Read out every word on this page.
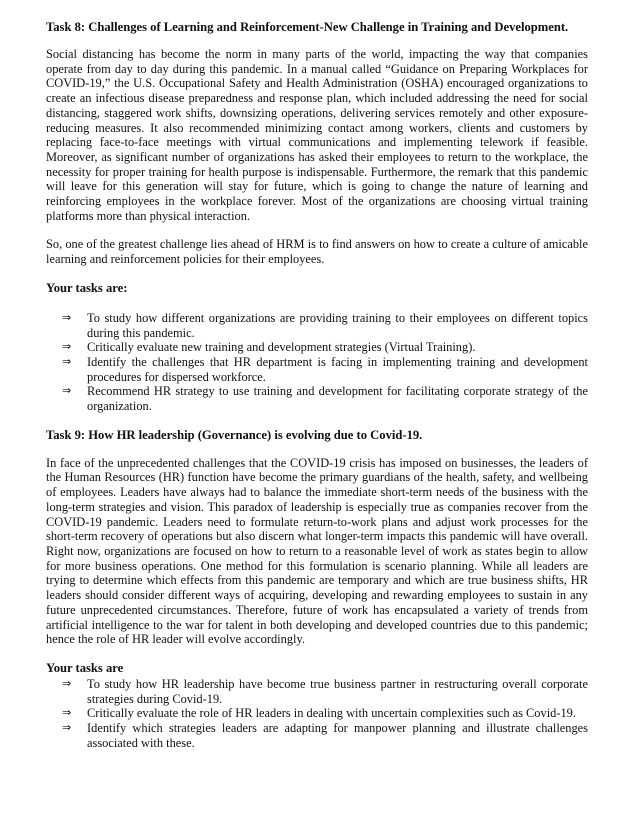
Task 8: Challenges of Learning and Reinforcement-New Challenge in Training and Development.

Social distancing has become the norm in many parts of the world, impacting the way that companies operate from day to day during this pandemic. In a manual called “Guidance on Preparing Workplaces for COVID-19,” the U.S. Occupational Safety and Health Administration (OSHA) encouraged organizations to create an infectious disease preparedness and response plan, which included addressing the need for social distancing, staggered work shifts, downsizing operations, delivering services remotely and other exposure-reducing measures. It also recommended minimizing contact among workers, clients and customers by replacing face-to-face meetings with virtual communications and implementing telework if feasible. Moreover, as significant number of organizations has asked their employees to return to the workplace, the necessity for proper training for health purpose is indispensable. Furthermore, the remark that this pandemic will leave for this generation will stay for future, which is going to change the nature of learning and reinforcing employees in the workplace forever. Most of the organizations are choosing virtual training platforms more than physical interaction.

So, one of the greatest challenge lies ahead of HRM is to find answers on how to create a culture of amicable learning and reinforcement policies for their employees.

Your tasks are:

⇒ To study how different organizations are providing training to their employees on different topics during this pandemic.
⇒ Critically evaluate new training and development strategies (Virtual Training).
⇒ Identify the challenges that HR department is facing in implementing training and development procedures for dispersed workforce.
⇒ Recommend HR strategy to use training and development for facilitating corporate strategy of the organization.

Task 9: How HR leadership (Governance) is evolving due to Covid-19.

In face of the unprecedented challenges that the COVID-19 crisis has imposed on businesses, the leaders of the Human Resources (HR) function have become the primary guardians of the health, safety, and wellbeing of employees. Leaders have always had to balance the immediate short-term needs of the business with the long-term strategies and vision. This paradox of leadership is especially true as companies recover from the COVID-19 pandemic. Leaders need to formulate return-to-work plans and adjust work processes for the short-term recovery of operations but also discern what longer-term impacts this pandemic will have overall. Right now, organizations are focused on how to return to a reasonable level of work as states begin to allow for more business operations. One method for this formulation is scenario planning. While all leaders are trying to determine which effects from this pandemic are temporary and which are true business shifts, HR leaders should consider different ways of acquiring, developing and rewarding employees to sustain in any future unprecedented circumstances. Therefore, future of work has encapsulated a variety of trends from artificial intelligence to the war for talent in both developing and developed countries due to this pandemic; hence the role of HR leader will evolve accordingly.

Your tasks are

⇒ To study how HR leadership have become true business partner in restructuring overall corporate strategies during Covid-19.
⇒ Critically evaluate the role of HR leaders in dealing with uncertain complexities such as Covid-19.
⇒ Identify which strategies leaders are adapting for manpower planning and illustrate challenges associated with these.
